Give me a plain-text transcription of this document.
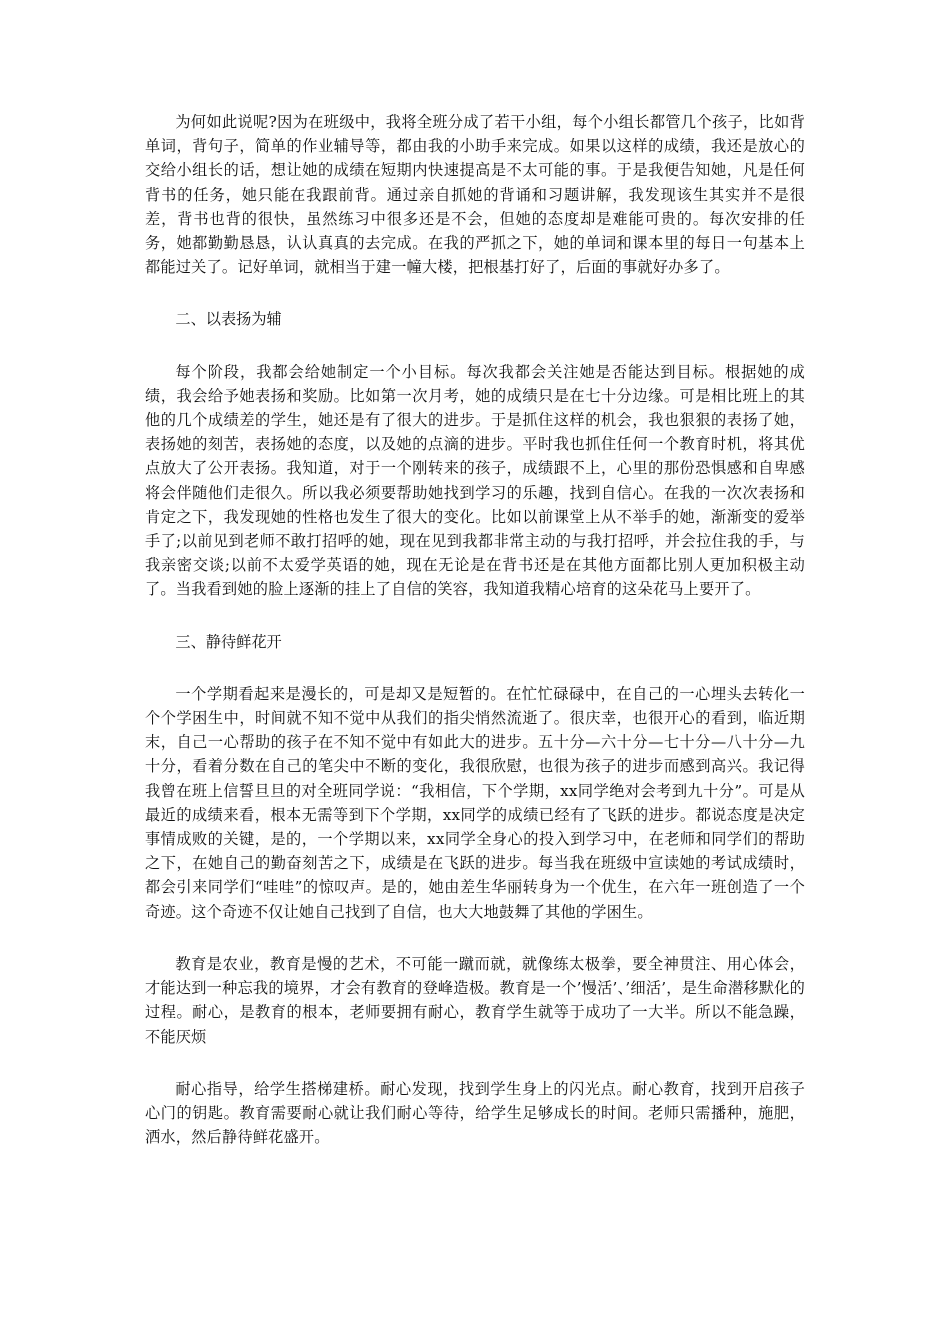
为何如此说呢?因为在班级中，我将全班分成了若干小组，每个小组长都管几个孩子，比如背单词，背句子，简单的作业辅导等，都由我的小助手来完成。如果以这样的成绩，我还是放心的交给小组长的话，想让她的成绩在短期内快速提高是不太可能的事。于是我便告知她，凡是任何背书的任务，她只能在我跟前背。通过亲自抓她的背诵和习题讲解，我发现该生其实并不是很差，背书也背的很快，虽然练习中很多还是不会，但她的态度却是难能可贵的。每次安排的任务，她都勤勤恳恳，认认真真的去完成。在我的严抓之下，她的单词和课本里的每日一句基本上都能过关了。记好单词，就相当于建一幢大楼，把根基打好了，后面的事就好办多了。

二、以表扬为辅

每个阶段，我都会给她制定一个小目标。每次我都会关注她是否能达到目标。根据她的成绩，我会给予她表扬和奖励。比如第一次月考，她的成绩只是在七十分边缘。可是相比班上的其他的几个成绩差的学生，她还是有了很大的进步。于是抓住这样的机会，我也狠狠的表扬了她，表扬她的刻苦，表扬她的态度，以及她的点滴的进步。平时我也抓住任何一个教育时机，将其优点放大了公开表扬。我知道，对于一个刚转来的孩子，成绩跟不上，心里的那份恐惧感和自卑感将会伴随他们走很久。所以我必须要帮助她找到学习的乐趣，找到自信心。在我的一次次表扬和肯定之下，我发现她的性格也发生了很大的变化。比如以前课堂上从不举手的她，渐渐变的爱举手了;以前见到老师不敢打招呼的她，现在见到我都非常主动的与我打招呼，并会拉住我的手，与我亲密交谈;以前不太爱学英语的她，现在无论是在背书还是在其他方面都比别人更加积极主动了。当我看到她的脸上逐渐的挂上了自信的笑容，我知道我精心培育的这朵花马上要开了。

三、静待鲜花开

一个学期看起来是漫长的，可是却又是短暂的。在忙忙碌碌中，在自己的一心埋头去转化一个个学困生中，时间就不知不觉中从我们的指尖悄然流逝了。很庆幸，也很开心的看到，临近期末，自己一心帮助的孩子在不知不觉中有如此大的进步。五十分—六十分—七十分—八十分—九十分，看着分数在自己的笔尖中不断的变化，我很欣慰，也很为孩子的进步而感到高兴。我记得我曾在班上信誓旦旦的对全班同学说：“我相信，下个学期，xx同学绝对会考到九十分”。可是从最近的成绩来看，根本无需等到下个学期，xx同学的成绩已经有了飞跃的进步。都说态度是决定事情成败的关键，是的，一个学期以来，xx同学全身心的投入到学习中，在老师和同学们的帮助之下，在她自己的勤奋刻苦之下，成绩是在飞跃的进步。每当我在班级中宣读她的考试成绩时，都会引来同学们“哇哇”的惊叹声。是的，她由差生华丽转身为一个优生，在六年一班创造了一个奇迹。这个奇迹不仅让她自己找到了自信，也大大地鼓舞了其他的学困生。

教育是农业，教育是慢的艺术，不可能一蹴而就，就像练太极拳，要全神贯注、用心体会，才能达到一种忘我的境界，才会有教育的登峰造极。教育是一个’慢活’、’细活’，是生命潜移默化的过程。耐心，是教育的根本，老师要拥有耐心，教育学生就等于成功了一大半。所以不能急躁，不能厌烦

耐心指导，给学生搭梯建桥。耐心发现，找到学生身上的闪光点。耐心教育，找到开启孩子心门的钥匙。教育需要耐心就让我们耐心等待，给学生足够成长的时间。老师只需播种，施肥，洒水，然后静待鲜花盛开。
